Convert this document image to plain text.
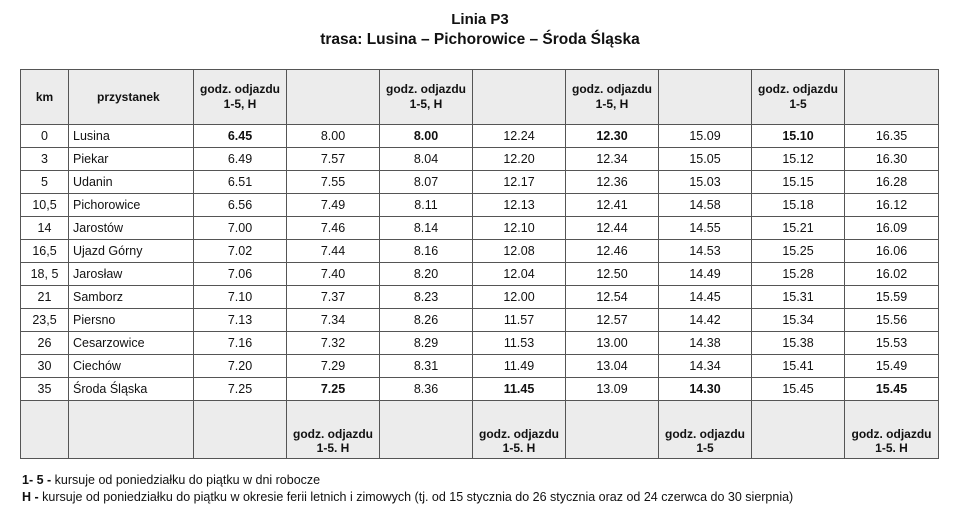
Linia P3
trasa: Lusina – Pichorowice – Środa Śląska
km	przystanek	godz. odjazdu 1-5, H		godz. odjazdu 1-5, H		godz. odjazdu 1-5, H		godz. odjazdu 1-5	
0	Lusina	6.45	8.00	8.00	12.24	12.30	15.09	15.10	16.35
3	Piekar	6.49	7.57	8.04	12.20	12.34	15.05	15.12	16.30
5	Udanin	6.51	7.55	8.07	12.17	12.36	15.03	15.15	16.28
10,5	Pichorowice	6.56	7.49	8.11	12.13	12.41	14.58	15.18	16.12
14	Jarostów	7.00	7.46	8.14	12.10	12.44	14.55	15.21	16.09
16,5	Ujazd Górny	7.02	7.44	8.16	12.08	12.46	14.53	15.25	16.06
18, 5	Jarosław	7.06	7.40	8.20	12.04	12.50	14.49	15.28	16.02
21	Samborz	7.10	7.37	8.23	12.00	12.54	14.45	15.31	15.59
23,5	Piersno	7.13	7.34	8.26	11.57	12.57	14.42	15.34	15.56
26	Cesarzowice	7.16	7.32	8.29	11.53	13.00	14.38	15.38	15.53
30	Ciechów	7.20	7.29	8.31	11.49	13.04	14.34	15.41	15.49
35	Środa Śląska	7.25	7.25	8.36	11.45	13.09	14.30	15.45	15.45
			godz. odjazdu 1-5. H		godz. odjazdu 1-5. H		godz. odjazdu 1-5		godz. odjazdu 1-5. H
1- 5 - kursuje od poniedziałku do piątku w dni robocze
H - kursuje od poniedziałku do piątku w okresie ferii letnich i zimowych (tj. od 15 stycznia do 26 stycznia oraz od 24 czerwca do 30 sierpnia)
